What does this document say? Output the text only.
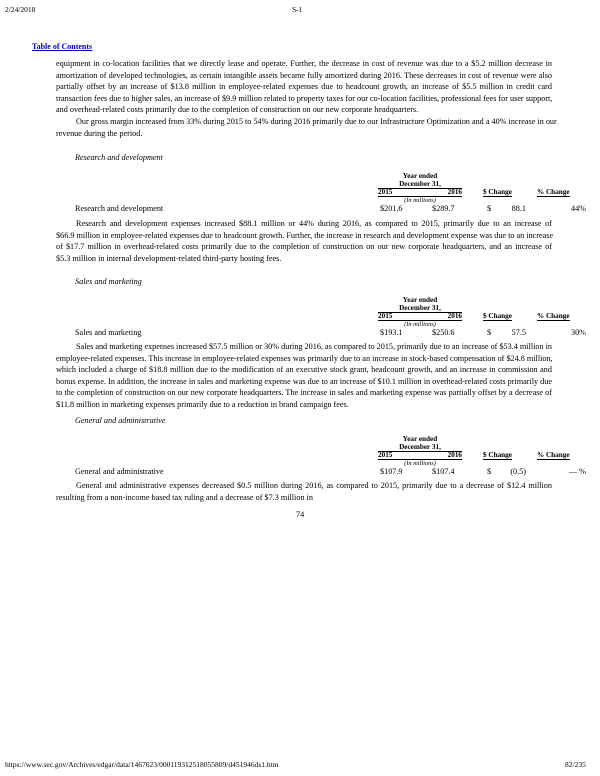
2/24/2018	S-1
Table of Contents
equipment in co-location facilities that we directly lease and operate. Further, the decrease in cost of revenue was due to a $5.2 million decrease in
amortization of developed technologies, as certain intangible assets became fully amortized during 2016. These decreases in cost of revenue were also
partially offset by an increase of $13.8 million in employee-related expenses due to headcount growth, an increase of $5.5 million in credit card
transaction fees due to higher sales, an increase of $9.9 million related to property taxes for our co-location facilities, professional fees for user support,
and overhead-related costs primarily due to the completion of construction on our new corporate headquarters.
Our gross margin increased from 33% during 2015 to 54% during 2016 primarily due to our Infrastructure Optimization and a 40% increase in our
revenue during the period.
Research and development
Year ended
December 31,
2015	2016	$ Change	% Change
(In millions)
Research and development	$201.6	$289.7	$	88.1	44%
Research and development expenses increased $88.1 million or 44% during 2016, as compared to 2015, primarily due to an increase of
$66.9 million in employee-related expenses due to headcount growth. Further, the increase in research and development expense was due to an increase
of $17.7 million in overhead-related costs primarily due to the completion of construction on our new corporate headquarters, and an increase of
$5.3 million in internal development-related third-party hosting fees.
Sales and marketing
Year ended
December 31,
2015	2016	$ Change	% Change
(In millions)
Sales and marketing	$193.1	$250.6	$	57.5	30%
Sales and marketing expenses increased $57.5 million or 30% during 2016, as compared to 2015, primarily due to an increase of $53.4 million in
employee-related expenses. This increase in employee-related expenses was primarily due to an increase in stock-based compensation of $24.8 million,
which included a charge of $18.8 million due to the modification of an executive stock grant, headcount growth, and an increase in commission and
bonus expense. In addition, the increase in sales and marketing expense was due to an increase of $10.1 million in overhead-related costs primarily due
to the completion of construction on our new corporate headquarters. The increase in sales and marketing expense was partially offset by a decrease of
$11.8 million in marketing expenses primarily due to a reduction in brand campaign fees.
General and administrative
Year ended
December 31,
2015	2016	$ Change	% Change
(In millions)
General and administrative	$107.9	$107.4	$	(0.5)	— %
General and administrative expenses decreased $0.5 million during 2016, as compared to 2015, primarily due to a decrease of $12.4 million
resulting from a non-income based tax ruling and a decrease of $7.3 million in
74
https://www.sec.gov/Archives/edgar/data/1467623/000119312518055809/d451946ds1.htm	82/235
